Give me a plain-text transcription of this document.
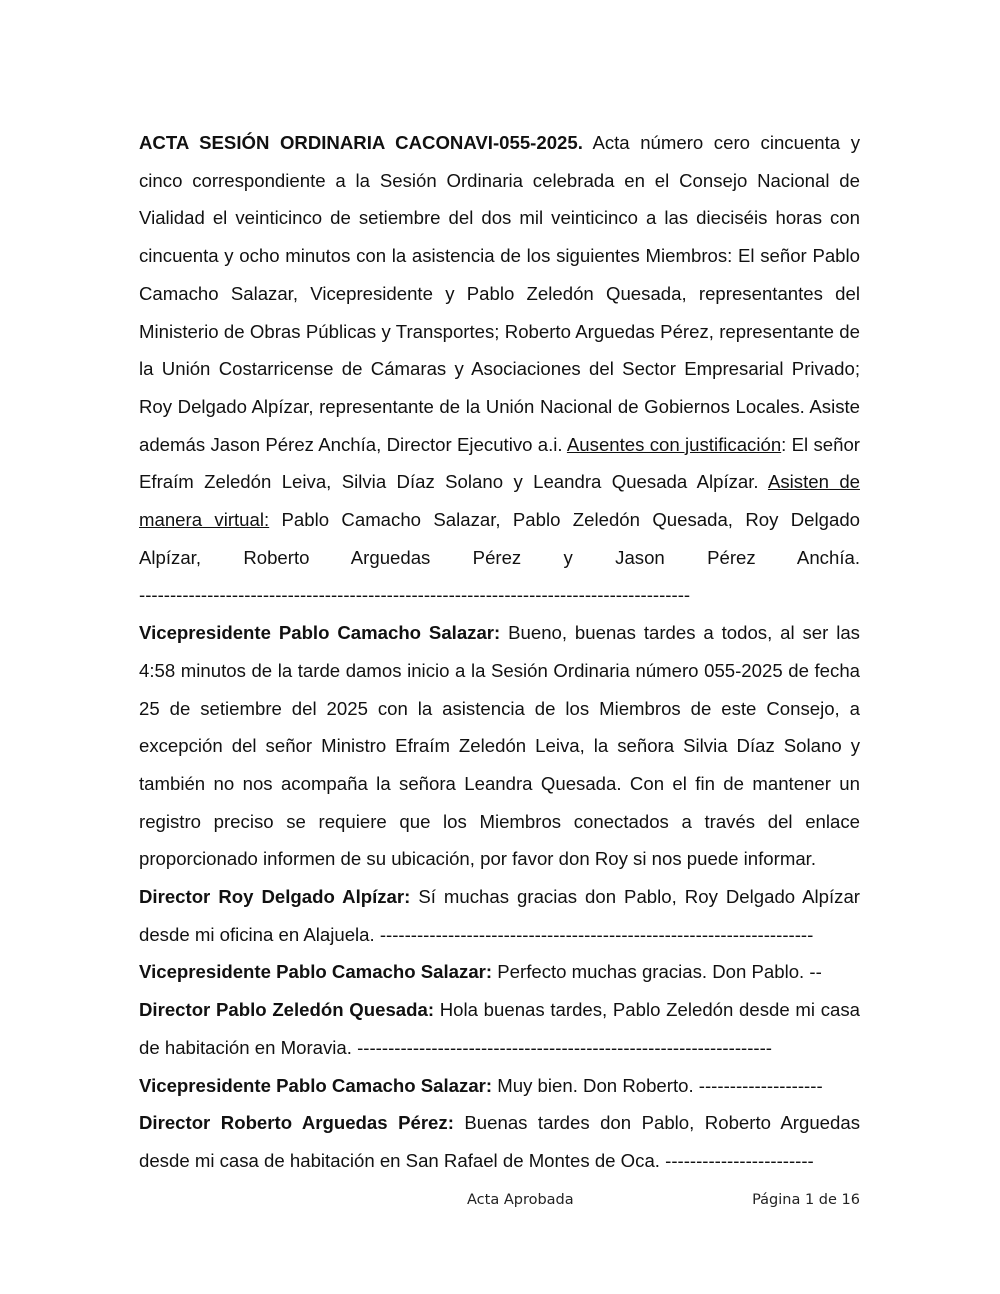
ACTA SESIÓN ORDINARIA CACONAVI-055-2025. Acta número cero cincuenta y cinco correspondiente a la Sesión Ordinaria celebrada en el Consejo Nacional de Vialidad el veinticinco de setiembre del dos mil veinticinco a las dieciséis horas con cincuenta y ocho minutos con la asistencia de los siguientes Miembros: El señor Pablo Camacho Salazar, Vicepresidente y Pablo Zeledón Quesada, representantes del Ministerio de Obras Públicas y Transportes; Roberto Arguedas Pérez, representante de la Unión Costarricense de Cámaras y Asociaciones del Sector Empresarial Privado; Roy Delgado Alpízar, representante de la Unión Nacional de Gobiernos Locales. Asiste además Jason Pérez Anchía, Director Ejecutivo a.i. Ausentes con justificación: El señor Efraím Zeledón Leiva, Silvia Díaz Solano y Leandra Quesada Alpízar. Asisten de manera virtual: Pablo Camacho Salazar, Pablo Zeledón Quesada, Roy Delgado Alpízar, Roberto Arguedas Pérez y Jason Pérez Anchía. -----------------------------------------------------------------------------------------

Vicepresidente Pablo Camacho Salazar: Bueno, buenas tardes a todos, al ser las 4:58 minutos de la tarde damos inicio a la Sesión Ordinaria número 055-2025 de fecha 25 de setiembre del 2025 con la asistencia de los Miembros de este Consejo, a excepción del señor Ministro Efraím Zeledón Leiva, la señora Silvia Díaz Solano y también no nos acompaña la señora Leandra Quesada. Con el fin de mantener un registro preciso se requiere que los Miembros conectados a través del enlace proporcionado informen de su ubicación, por favor don Roy si nos puede informar.

Director Roy Delgado Alpízar: Sí muchas gracias don Pablo, Roy Delgado Alpízar desde mi oficina en Alajuela. ----------------------------------------------------------------------

Vicepresidente Pablo Camacho Salazar: Perfecto muchas gracias. Don Pablo. --

Director Pablo Zeledón Quesada: Hola buenas tardes, Pablo Zeledón desde mi casa de habitación en Moravia. -------------------------------------------------------------------

Vicepresidente Pablo Camacho Salazar: Muy bien. Don Roberto. --------------------

Director Roberto Arguedas Pérez: Buenas tardes don Pablo, Roberto Arguedas desde mi casa de habitación en San Rafael de Montes de Oca. ------------------------

Acta Aprobada	Página 1 de 16
